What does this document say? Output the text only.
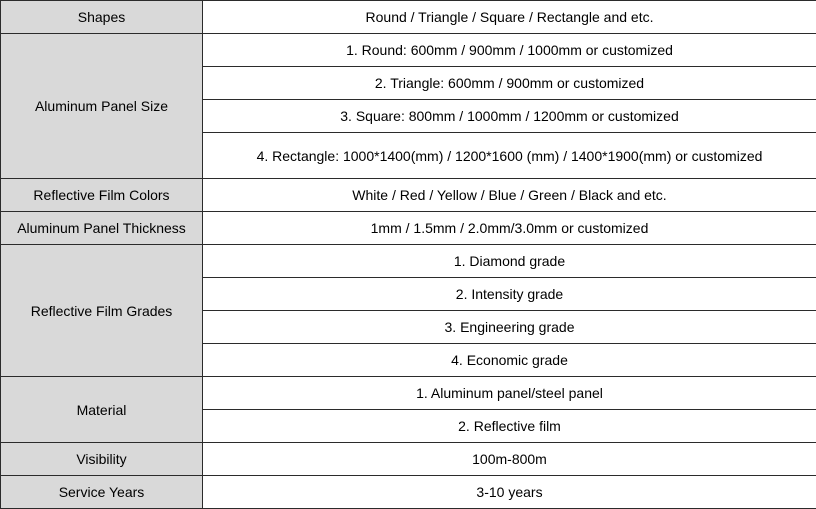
Shapes	Round / Triangle / Square / Rectangle and etc.
Aluminum Panel Size	1. Round: 600mm / 900mm / 1000mm or customized
	2. Triangle: 600mm / 900mm or customized
	3. Square: 800mm / 1000mm / 1200mm or customized
	4. Rectangle: 1000*1400(mm) / 1200*1600 (mm) / 1400*1900(mm) or customized
Reflective Film Colors	White / Red / Yellow / Blue / Green / Black and etc.
Aluminum Panel Thickness	1mm / 1.5mm / 2.0mm/3.0mm or customized
Reflective Film Grades	1. Diamond grade
	2. Intensity grade
	3. Engineering grade
	4. Economic grade
Material	1. Aluminum panel/steel panel
	2. Reflective film
Visibility	100m-800m
Service Years	3-10 years
